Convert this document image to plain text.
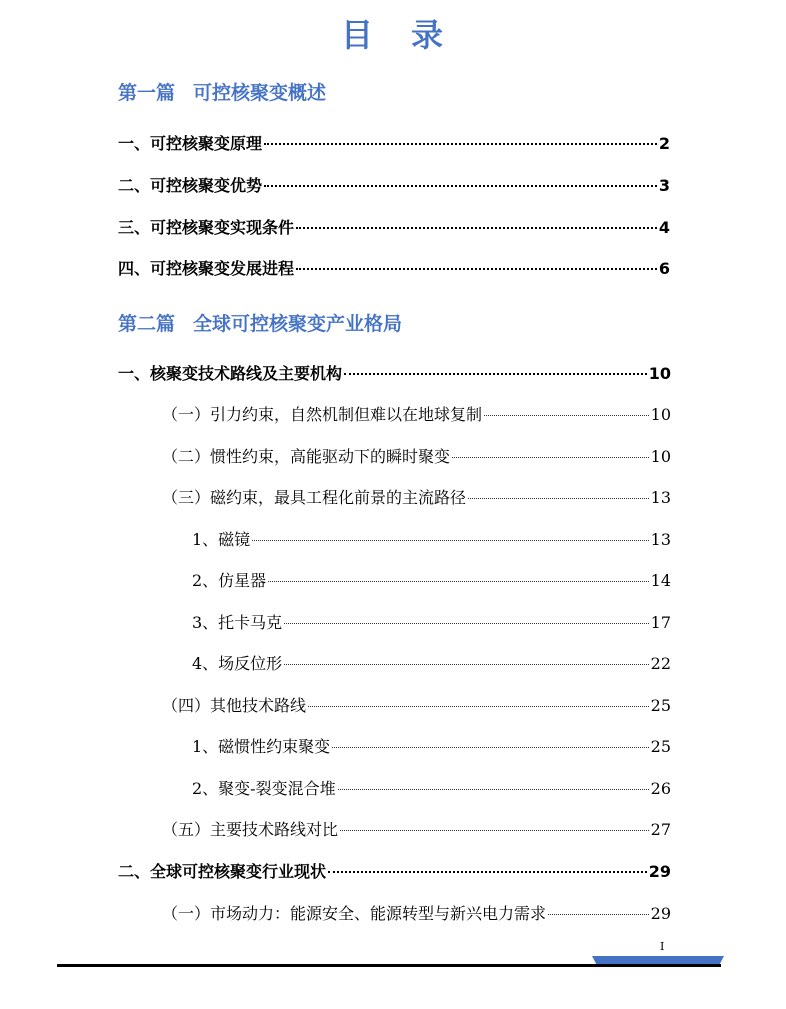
目 录
第一篇 可控核聚变概述
一、可控核聚变原理	2
二、可控核聚变优势	3
三、可控核聚变实现条件	4
四、可控核聚变发展进程	6
第二篇 全球可控核聚变产业格局
一、核聚变技术路线及主要机构	10
（一）引力约束，自然机制但难以在地球复制	10
（二）惯性约束，高能驱动下的瞬时聚变	10
（三）磁约束，最具工程化前景的主流路径	13
1、磁镜	13
2、仿星器	14
3、托卡马克	17
4、场反位形	22
（四）其他技术路线	25
1、磁惯性约束聚变	25
2、聚变-裂变混合堆	26
（五）主要技术路线对比	27
二、全球可控核聚变行业现状	29
（一）市场动力：能源安全、能源转型与新兴电力需求	29
I
